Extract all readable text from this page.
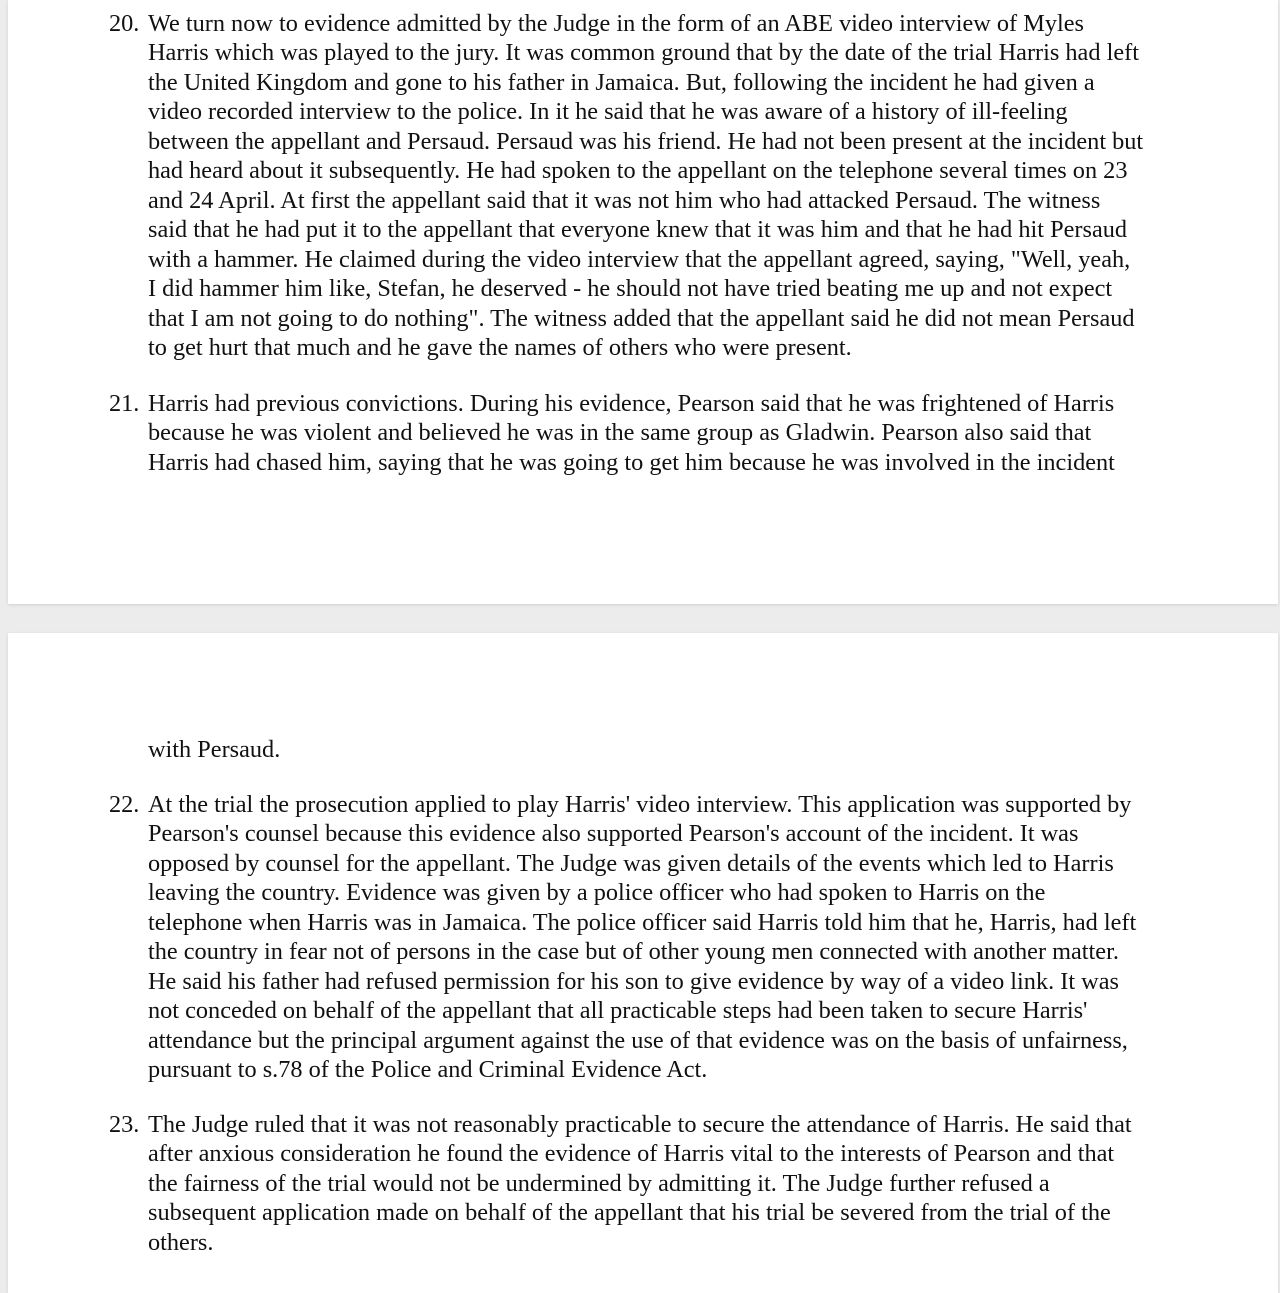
20. We turn now to evidence admitted by the Judge in the form of an ABE video interview of Myles
Harris which was played to the jury. It was common ground that by the date of the trial Harris had left
the United Kingdom and gone to his father in Jamaica. But, following the incident he had given a
video recorded interview to the police. In it he said that he was aware of a history of ill-feeling
between the appellant and Persaud. Persaud was his friend. He had not been present at the incident but
had heard about it subsequently. He had spoken to the appellant on the telephone several times on 23
and 24 April. At first the appellant said that it was not him who had attacked Persaud. The witness
said that he had put it to the appellant that everyone knew that it was him and that he had hit Persaud
with a hammer. He claimed during the video interview that the appellant agreed, saying, "Well, yeah,
I did hammer him like, Stefan, he deserved - he should not have tried beating me up and not expect
that I am not going to do nothing". The witness added that the appellant said he did not mean Persaud
to get hurt that much and he gave the names of others who were present.
21. Harris had previous convictions. During his evidence, Pearson said that he was frightened of Harris
because he was violent and believed he was in the same group as Gladwin. Pearson also said that
Harris had chased him, saying that he was going to get him because he was involved in the incident
with Persaud.
22. At the trial the prosecution applied to play Harris' video interview. This application was supported by
Pearson's counsel because this evidence also supported Pearson's account of the incident. It was
opposed by counsel for the appellant. The Judge was given details of the events which led to Harris
leaving the country. Evidence was given by a police officer who had spoken to Harris on the
telephone when Harris was in Jamaica. The police officer said Harris told him that he, Harris, had left
the country in fear not of persons in the case but of other young men connected with another matter.
He said his father had refused permission for his son to give evidence by way of a video link. It was
not conceded on behalf of the appellant that all practicable steps had been taken to secure Harris'
attendance but the principal argument against the use of that evidence was on the basis of unfairness,
pursuant to s.78 of the Police and Criminal Evidence Act.
23. The Judge ruled that it was not reasonably practicable to secure the attendance of Harris. He said that
after anxious consideration he found the evidence of Harris vital to the interests of Pearson and that
the fairness of the trial would not be undermined by admitting it. The Judge further refused a
subsequent application made on behalf of the appellant that his trial be severed from the trial of the
others.
